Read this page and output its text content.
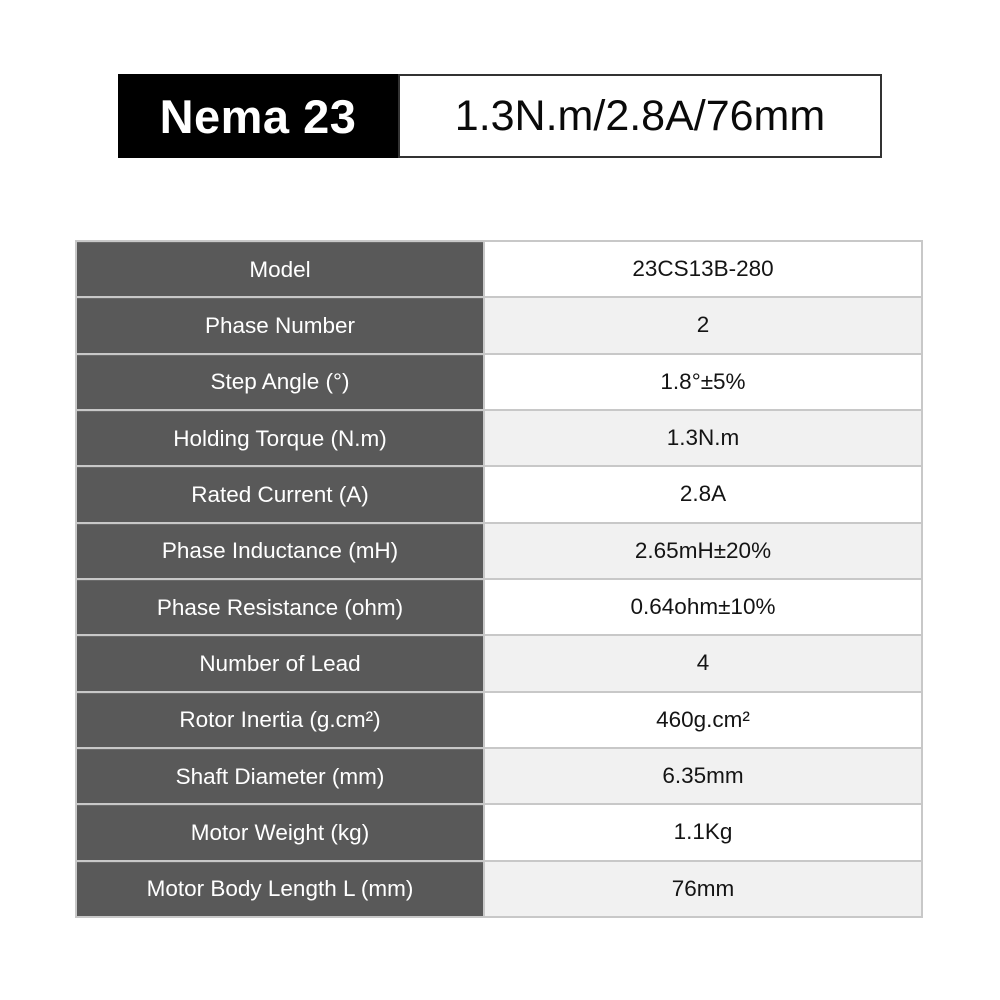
Nema 23	1.3N.m/2.8A/76mm
Model	23CS13B-280
Phase Number	2
Step Angle (°)	1.8°±5%
Holding Torque (N.m)	1.3N.m
Rated Current (A)	2.8A
Phase Inductance (mH)	2.65mH±20%
Phase Resistance (ohm)	0.64ohm±10%
Number of Lead	4
Rotor Inertia (g.cm²)	460g.cm²
Shaft Diameter (mm)	6.35mm
Motor Weight (kg)	1.1Kg
Motor Body Length L (mm)	76mm
